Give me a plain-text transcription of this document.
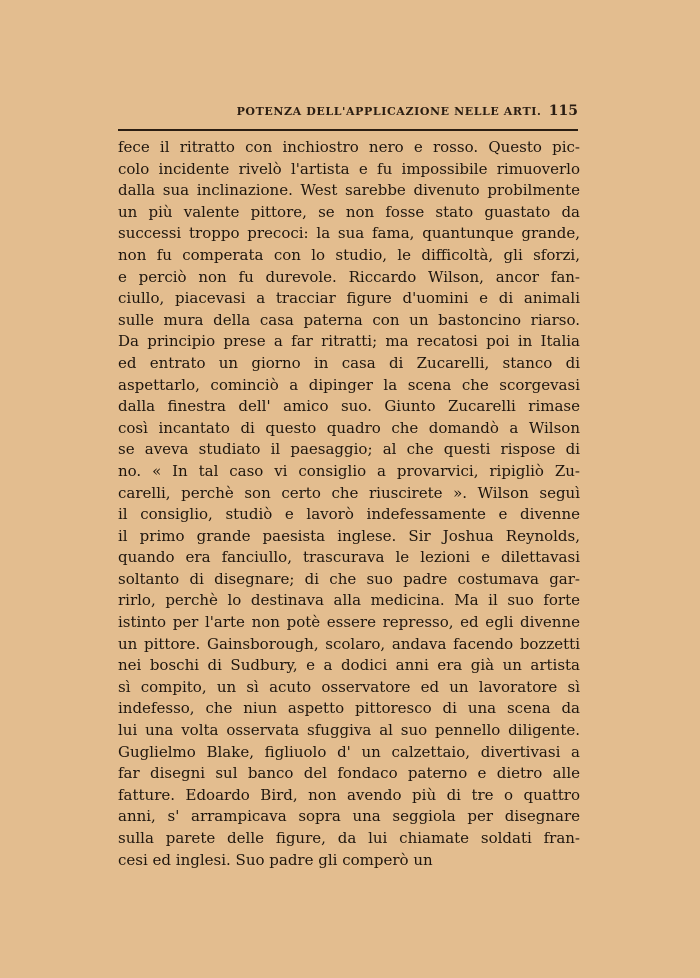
POTENZA DELL'APPLICAZIONE NELLE ARTI. 115
fece il ritratto con inchiostro nero e rosso. Questo pic-
colo incidente rivelò l'artista e fu impossibile rimuoverlo
dalla sua inclinazione. West sarebbe divenuto probilmente
un più valente pittore, se non fosse stato guastato da
successi troppo precoci: la sua fama, quantunque grande,
non fu comperata con lo studio, le difficoltà, gli sforzi,
e perciò non fu durevole. Riccardo Wilson, ancor fan-
ciullo, piacevasi a tracciar figure d'uomini e di animali
sulle mura della casa paterna con un bastoncino riarso.
Da principio prese a far ritratti; ma recatosi poi in Italia
ed entrato un giorno in casa di Zucarelli, stanco di
aspettarlo, cominciò a dipinger la scena che scorgevasi
dalla finestra dell' amico suo. Giunto Zucarelli rimase
così incantato di questo quadro che domandò a Wilson
se aveva studiato il paesaggio; al che questi rispose di
no. « In tal caso vi consiglio a provarvici, ripigliò Zu-
carelli, perchè son certo che riuscirete ». Wilson seguì
il consiglio, studiò e lavorò indefessamente e divenne
il primo grande paesista inglese. Sir Joshua Reynolds,
quando era fanciullo, trascurava le lezioni e dilettavasi
soltanto di disegnare; di che suo padre costumava gar-
rirlo, perchè lo destinava alla medicina. Ma il suo forte
istinto per l'arte non potè essere represso, ed egli divenne
un pittore. Gainsborough, scolaro, andava facendo bozzetti
nei boschi di Sudbury, e a dodici anni era già un artista
sì compito, un sì acuto osservatore ed un lavoratore sì
indefesso, che niun aspetto pittoresco di una scena da
lui una volta osservata sfuggiva al suo pennello diligente.
Guglielmo Blake, figliuolo d' un calzettaio, divertivasi a
far disegni sul banco del fondaco paterno e dietro alle
fatture. Edoardo Bird, non avendo più di tre o quattro
anni, s' arrampicava sopra una seggiola per disegnare
sulla parete delle figure, da lui chiamate soldati fran-
cesi ed inglesi. Suo padre gli comperò un
